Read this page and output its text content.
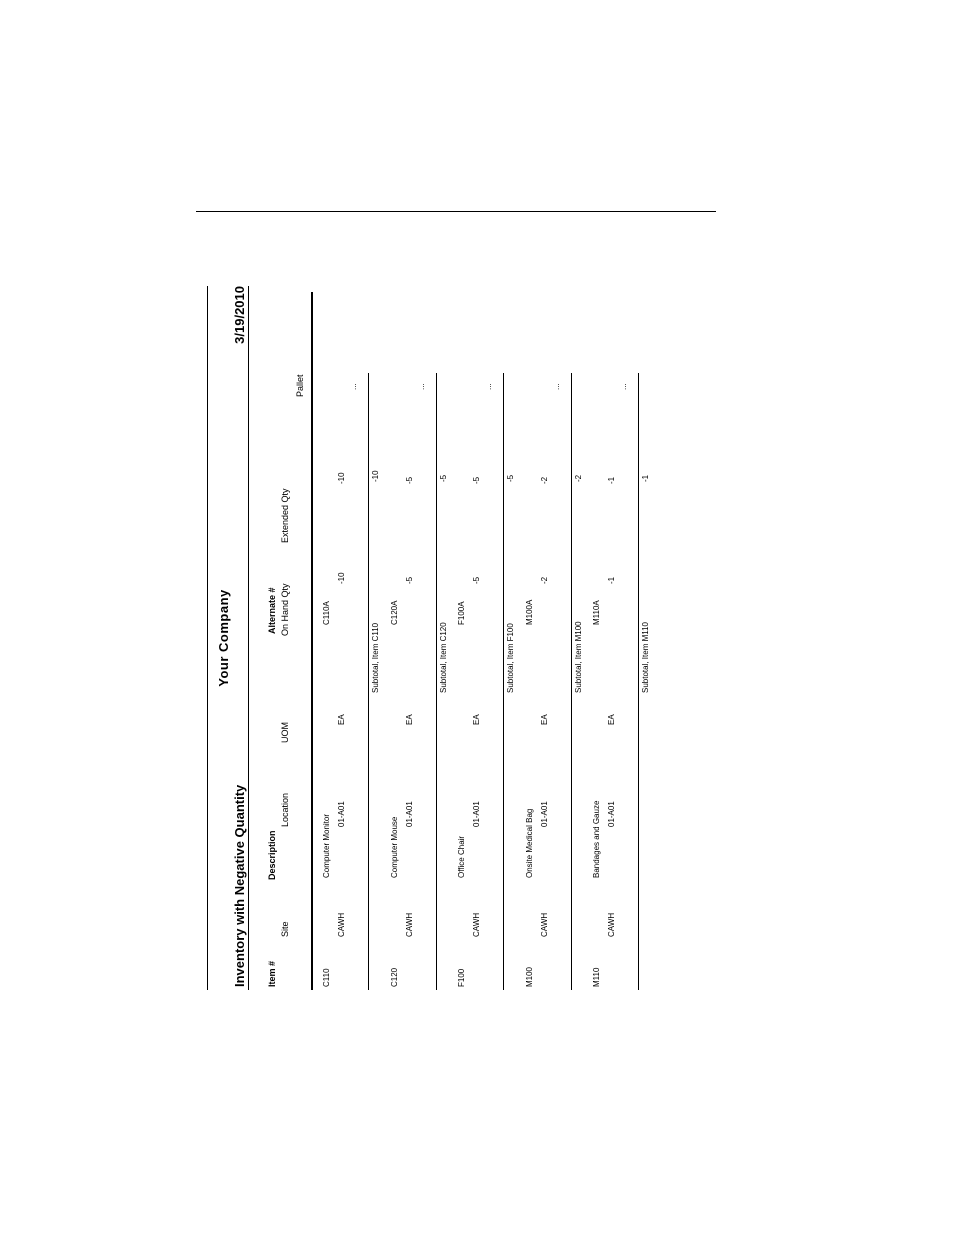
Your Company
Inventory with Negative Quantity
3/19/2010
Item #
Description
Alternate #
Site
Location
UOM
On Hand Qty
Extended Qty
Pallet
C110
Computer Monitor
C110A
CAWH
01-A01
EA
-10
-10
...
Subtotal, Item C110
-10
C120
Computer Mouse
C120A
CAWH
01-A01
EA
-5
-5
...
Subtotal, Item C120
-5
F100
Office Chair
F100A
CAWH
01-A01
EA
-5
-5
...
Subtotal, Item F100
-5
M100
Onsite Medical Bag
M100A
CAWH
01-A01
EA
-2
-2
...
Subtotal, Item M100
-2
M110
Bandages and Gauze
M110A
CAWH
01-A01
EA
-1
-1
...
Subtotal, Item M110
-1
